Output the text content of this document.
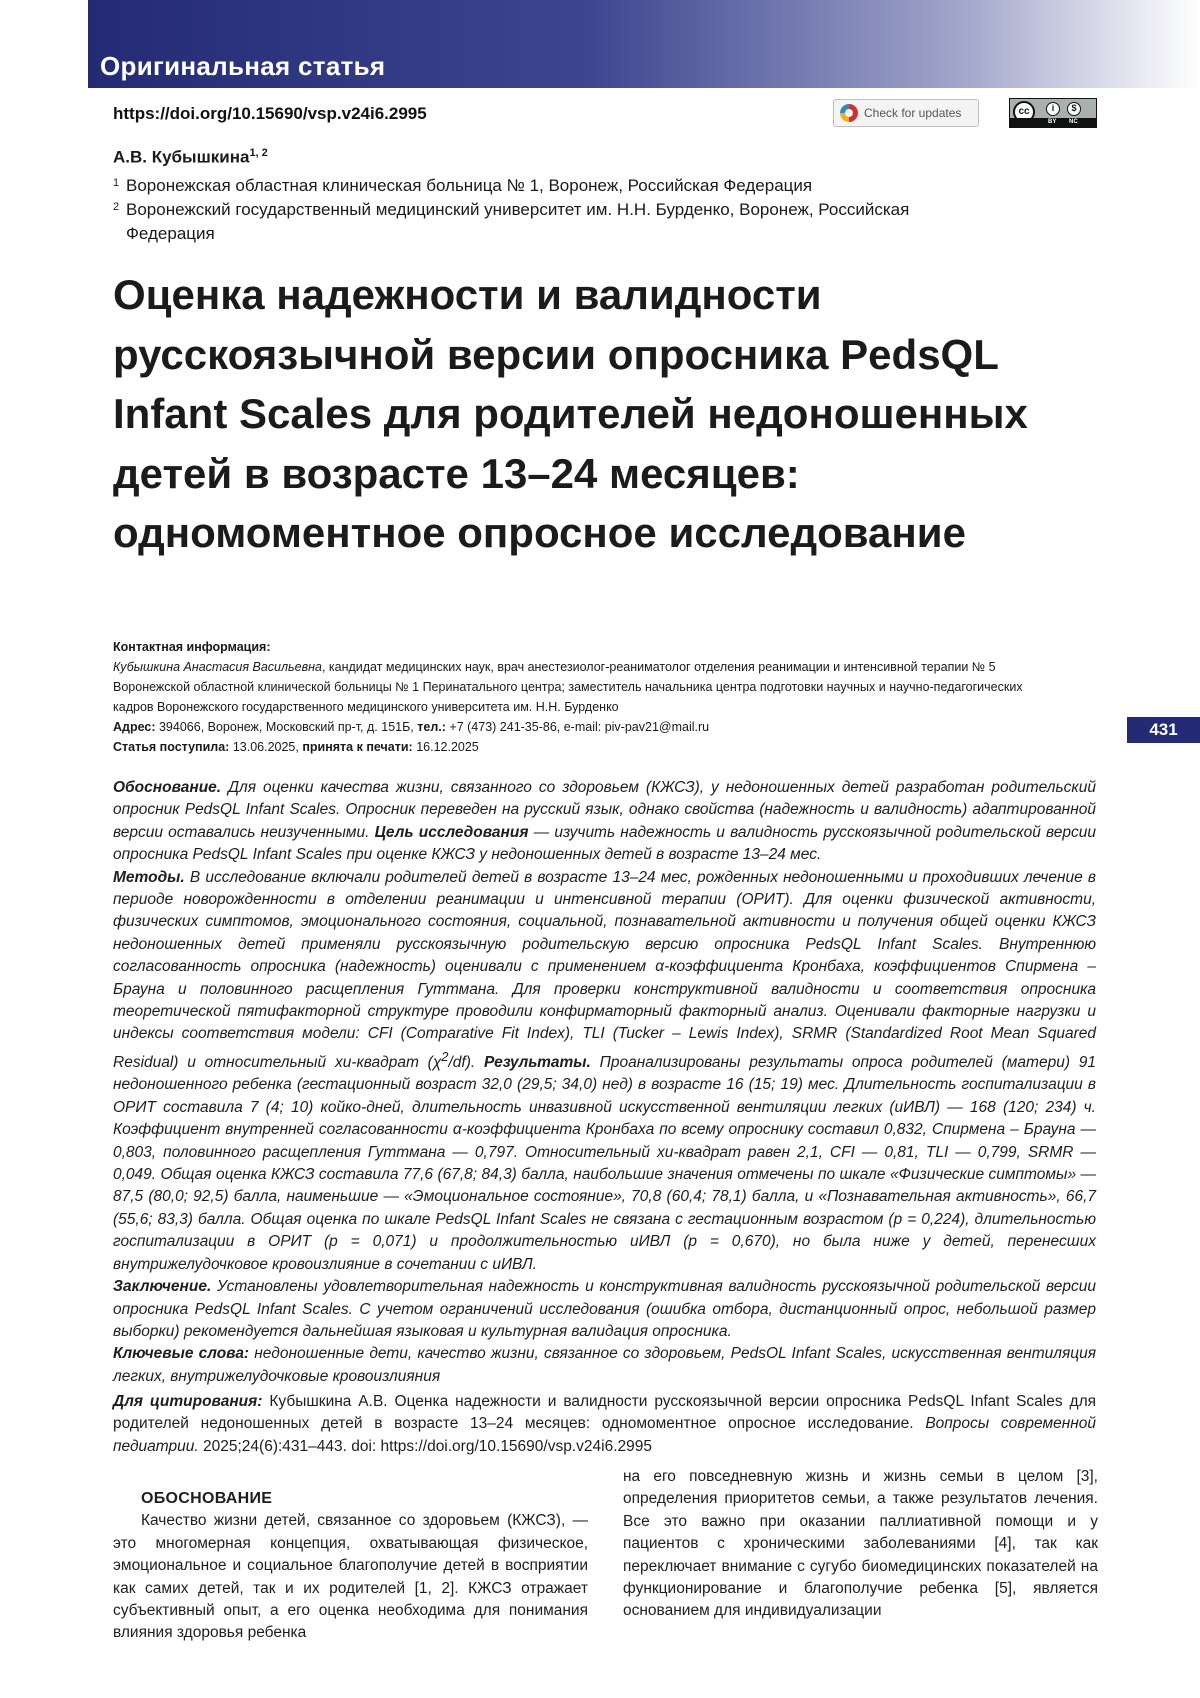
Оригинальная статья
https://doi.org/10.15690/vsp.v24i6.2995	Check for updates	cc	i	$
BY NC
А.В. Кубышкина$^{1, 2}$
1 Воронежская областная клиническая больница № 1, Воронеж, Российская Федерация
2 Воронежский государственный медицинский университет им. Н.Н. Бурденко, Воронеж, Российская Федерация
Оценка надежности и валидности русскоязычной версии опросника PedsQL Infant Scales для родителей недоношенных детей в возрасте 13–24 месяцев: одномоментное опросное исследование
Контактная информация:
Кубышкина Анастасия Васильевна, кандидат медицинских наук, врач анестезиолог-реаниматолог отделения реанимации и интенсивной терапии № 5 Воронежской областной клинической больницы № 1 Перинатального центра; заместитель начальника центра подготовки научных и научно-педагогических кадров Воронежского государственного медицинского университета им. Н.Н. Бурденко
Адрес: 394066, Воронеж, Московский пр-т, д. 151Б, тел.: +7 (473) 241-35-86, e-mail: piv-pav21@mail.ru
Статья поступила: 13.06.2025, принята к печати: 16.12.2025
431
Обоснование. Для оценки качества жизни, связанного со здоровьем (КЖСЗ), у недоношенных детей разработан родительский опросник PedsQL Infant Scales. Опросник переведен на русский язык, однако свойства (надежность и валидность) адаптированной версии оставались неизученными. Цель исследования — изучить надежность и валидность русскоязычной родительской версии опросника PedsQL Infant Scales при оценке КЖСЗ у недоношенных детей в возрасте 13–24 мес.
Методы. В исследование включали родителей детей в возрасте 13–24 мес, рожденных недоношенными и проходивших лечение в периоде новорожденности в отделении реанимации и интенсивной терапии (ОРИТ). Для оценки физической активности, физических симптомов, эмоционального состояния, социальной, познавательной активности и получения общей оценки КЖСЗ недоношенных детей применяли русскоязычную родительскую версию опросника PedsQL Infant Scales. Внутреннюю согласованность опросника (надежность) оценивали с применением α-коэффициента Кронбаха, коэффициентов Спирмена – Брауна и половинного расщепления Гуттмана. Для проверки конструктивной валидности и соответствия опросника теоретической пятифакторной структуре проводили конфирматорный факторный анализ. Оценивали факторные нагрузки и индексы соответствия модели: CFI (Comparative Fit Index), TLI (Tucker – Lewis Index), SRMR (Standardized Root Mean Squared Residual) и относительный хи-квадрат $(\chi^2/df)$. Результаты. Проанализированы результаты опроса родителей (матери) 91 недоношенного ребенка (гестационный возраст 32,0 (29,5; 34,0) нед) в возрасте 16 (15; 19) мес. Длительность госпитализации в ОРИТ составила 7 (4; 10) койко-дней, длительность инвазивной искусственной вентиляции легких (иИВЛ) — 168 (120; 234) ч. Коэффициент внутренней согласованности α-коэффициента Кронбаха по всему опроснику составил 0,832, Спирмена – Брауна — 0,803, половинного расщепления Гуттмана — 0,797. Относительный хи-квадрат равен 2,1, CFI — 0,81, TLI — 0,799, SRMR — 0,049. Общая оценка КЖСЗ составила 77,6 (67,8; 84,3) балла, наибольшие значения отмечены по шкале «Физические симптомы» — 87,5 (80,0; 92,5) балла, наименьшие — «Эмоциональное состояние», 70,8 (60,4; 78,1) балла, и «Познавательная активность», 66,7 (55,6; 83,3) балла. Общая оценка по шкале PedsQL Infant Scales не связана с гестационным возрастом (p = 0,224), длительностью госпитализации в ОРИТ (p = 0,071) и продолжительностью иИВЛ (p = 0,670), но была ниже у детей, перенесших внутрижелудочковое кровоизлияние в сочетании с иИВЛ.
Заключение. Установлены удовлетворительная надежность и конструктивная валидность русскоязычной родительской версии опросника PedsQL Infant Scales. С учетом ограничений исследования (ошибка отбора, дистанционный опрос, небольшой размер выборки) рекомендуется дальнейшая языковая и культурная валидация опросника.
Ключевые слова: недоношенные дети, качество жизни, связанное со здоровьем, PedsOL Infant Scales, искусственная вентиляция легких, внутрижелудочковые кровоизлияния
Для цитирования: Кубышкина А.В. Оценка надежности и валидности русскоязычной версии опросника PedsQL Infant Scales для родителей недоношенных детей в возрасте 13–24 месяцев: одномоментное опросное исследование. Вопросы современной педиатрии. 2025;24(6):431–443. doi: https://doi.org/10.15690/vsp.v24i6.2995
ОБОСНОВАНИЕ

Качество жизни детей, связанное со здоровьем (КЖСЗ), — это многомерная концепция, охватывающая физическое, эмоциональное и социальное благополучие детей в восприятии как самих детей, так и их родителей [1, 2]. КЖСЗ отражает субъективный опыт, а его оценка необходима для понимания влияния здоровья ребенка

на его повседневную жизнь и жизнь семьи в целом [3], определения приоритетов семьи, а также результатов лечения. Все это важно при оказании паллиативной помощи и у пациентов с хроническими заболеваниями [4], так как переключает внимание с сугубо биомедицинских показателей на функционирование и благополучие ребенка [5], является основанием для индивидуализации
